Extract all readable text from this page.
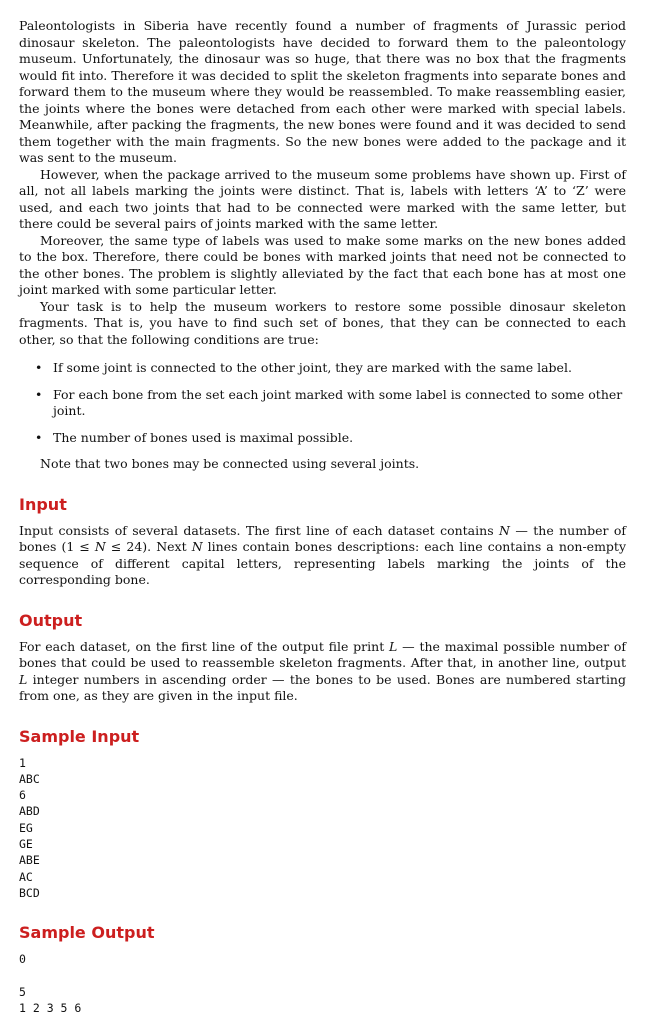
Paleontologists in Siberia have recently found a number of fragments of Jurassic period dinosaur skeleton. The paleontologists have decided to forward them to the paleontology museum. Unfortunately, the dinosaur was so huge, that there was no box that the fragments would fit into. Therefore it was decided to split the skeleton fragments into separate bones and forward them to the museum where they would be reassembled. To make reassembling easier, the joints where the bones were detached from each other were marked with special labels. Meanwhile, after packing the fragments, the new bones were found and it was decided to send them together with the main fragments. So the new bones were added to the package and it was sent to the museum.

However, when the package arrived to the museum some problems have shown up. First of all, not all labels marking the joints were distinct. That is, labels with letters ‘A’ to ‘Z’ were used, and each two joints that had to be connected were marked with the same letter, but there could be several pairs of joints marked with the same letter.

Moreover, the same type of labels was used to make some marks on the new bones added to the box. Therefore, there could be bones with marked joints that need not be connected to the other bones. The problem is slightly alleviated by the fact that each bone has at most one joint marked with some particular letter.

Your task is to help the museum workers to restore some possible dinosaur skeleton fragments. That is, you have to find such set of bones, that they can be connected to each other, so that the following conditions are true:

• If some joint is connected to the other joint, they are marked with the same label.
• For each bone from the set each joint marked with some label is connected to some other joint.
• The number of bones used is maximal possible.

Note that two bones may be connected using several joints.

Input

Input consists of several datasets. The first line of each dataset contains N — the number of bones (1 ≤ N ≤ 24). Next N lines contain bones descriptions: each line contains a non-empty sequence of different capital letters, representing labels marking the joints of the corresponding bone.

Output

For each dataset, on the first line of the output file print L — the maximal possible number of bones that could be used to reassemble skeleton fragments. After that, in another line, output L integer numbers in ascending order — the bones to be used. Bones are numbered starting from one, as they are given in the input file.

Sample Input
1
ABC
6
ABD
EG
GE
ABE
AC
BCD
Sample Output
0

5
1 2 3 5 6
